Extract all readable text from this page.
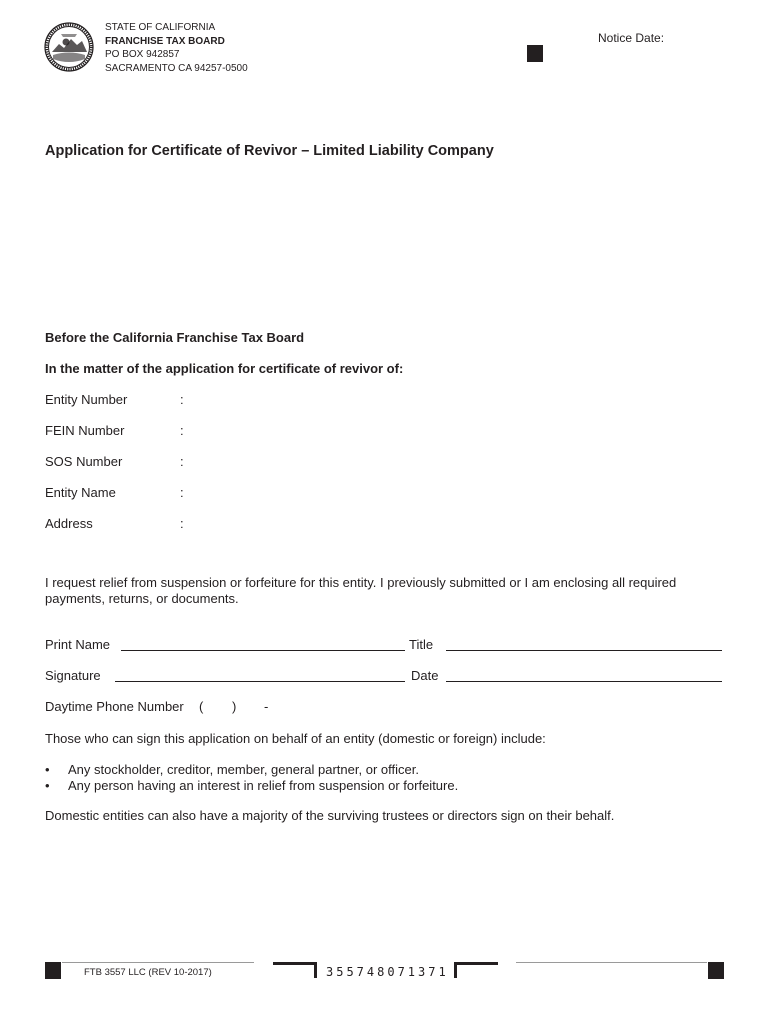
STATE OF CALIFORNIA
FRANCHISE TAX BOARD
PO BOX 942857
SACRAMENTO CA 94257-0500
Notice Date:
Application for Certificate of Revivor – Limited Liability Company
Before the California Franchise Tax Board
In the matter of the application for certificate of revivor of:
Entity Number	:
FEIN Number	:
SOS Number	:
Entity Name	:
Address	:
I request relief from suspension or forfeiture for this entity. I previously submitted or I am enclosing all required payments, returns, or documents.
Print Name	Title
Signature	Date
Daytime Phone Number ( ) -
Those who can sign this application on behalf of an entity (domestic or foreign) include:
• Any stockholder, creditor, member, general partner, or officer.
• Any person having an interest in relief from suspension or forfeiture.
Domestic entities can also have a majority of the surviving trustees or directors sign on their behalf.
FTB 3557 LLC (REV 10-2017)	355748071371
